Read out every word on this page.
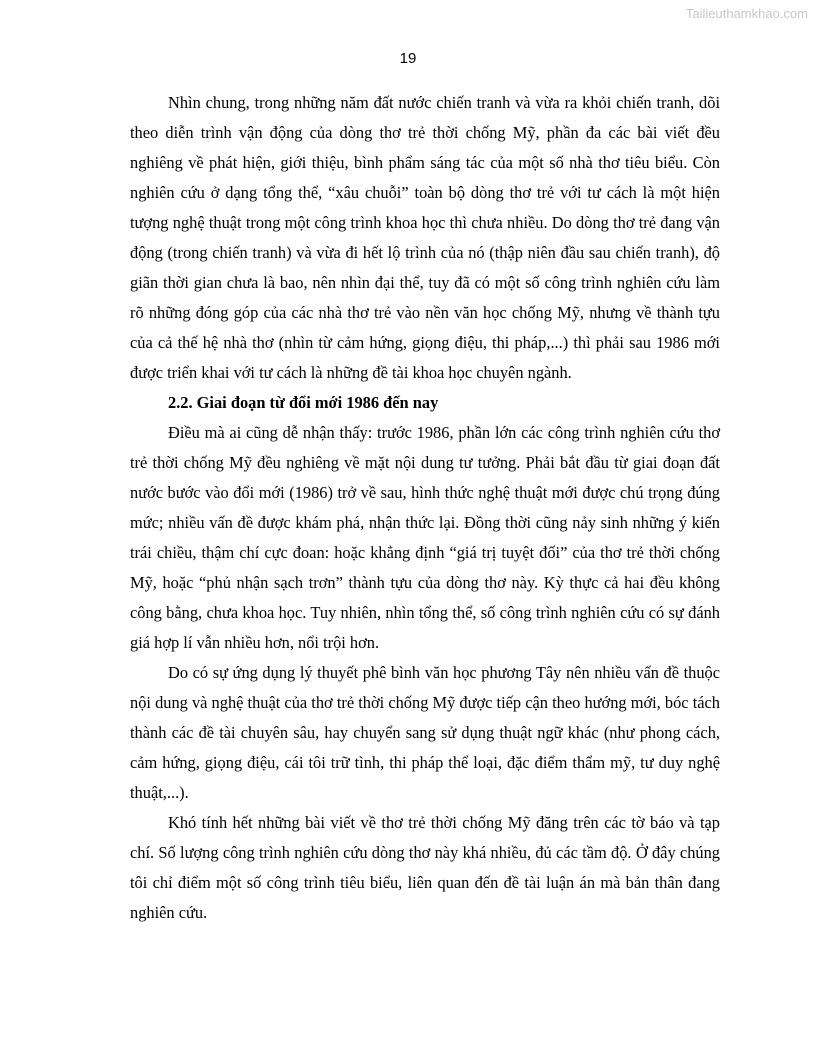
Tailieuthamkhao.com
19

Nhìn chung, trong những năm đất nước chiến tranh và vừa ra khỏi chiến tranh, dõi theo diễn trình vận động của dòng thơ trẻ thời chống Mỹ, phần đa các bài viết đều nghiêng về phát hiện, giới thiệu, bình phẩm sáng tác của một số nhà thơ tiêu biểu. Còn nghiên cứu ở dạng tổng thể, “xâu chuỗi” toàn bộ dòng thơ trẻ với tư cách là một hiện tượng nghệ thuật trong một công trình khoa học thì chưa nhiều. Do dòng thơ trẻ đang vận động (trong chiến tranh) và vừa đi hết lộ trình của nó (thập niên đầu sau chiến tranh), độ giãn thời gian chưa là bao, nên nhìn đại thể, tuy đã có một số công trình nghiên cứu làm rõ những đóng góp của các nhà thơ trẻ vào nền văn học chống Mỹ, nhưng về thành tựu của cả thế hệ nhà thơ (nhìn từ cảm hứng, giọng điệu, thi pháp,...) thì phải sau 1986 mới được triển khai với tư cách là những đề tài khoa học chuyên ngành.

2.2. Giai đoạn từ đổi mới 1986 đến nay

Điều mà ai cũng dễ nhận thấy: trước 1986, phần lớn các công trình nghiên cứu thơ trẻ thời chống Mỹ đều nghiêng về mặt nội dung tư tưởng. Phải bắt đầu từ giai đoạn đất nước bước vào đổi mới (1986) trở về sau, hình thức nghệ thuật mới được chú trọng đúng mức; nhiều vấn đề được khám phá, nhận thức lại. Đồng thời cũng nảy sinh những ý kiến trái chiều, thậm chí cực đoan: hoặc khẳng định “giá trị tuyệt đối” của thơ trẻ thời chống Mỹ, hoặc “phủ nhận sạch trơn” thành tựu của dòng thơ này. Kỳ thực cả hai đều không công bằng, chưa khoa học. Tuy nhiên, nhìn tổng thể, số công trình nghiên cứu có sự đánh giá hợp lí vẫn nhiều hơn, nổi trội hơn.

Do có sự ứng dụng lý thuyết phê bình văn học phương Tây nên nhiều vấn đề thuộc nội dung và nghệ thuật của thơ trẻ thời chống Mỹ được tiếp cận theo hướng mới, bóc tách thành các đề tài chuyên sâu, hay chuyển sang sử dụng thuật ngữ khác (như phong cách, cảm hứng, giọng điệu, cái tôi trữ tình, thi pháp thể loại, đặc điểm thẩm mỹ, tư duy nghệ thuật,...).

Khó tính hết những bài viết về thơ trẻ thời chống Mỹ đăng trên các tờ báo và tạp chí. Số lượng công trình nghiên cứu dòng thơ này khá nhiều, đủ các tầm độ. Ở đây chúng tôi chỉ điểm một số công trình tiêu biểu, liên quan đến đề tài luận án mà bản thân đang nghiên cứu.
